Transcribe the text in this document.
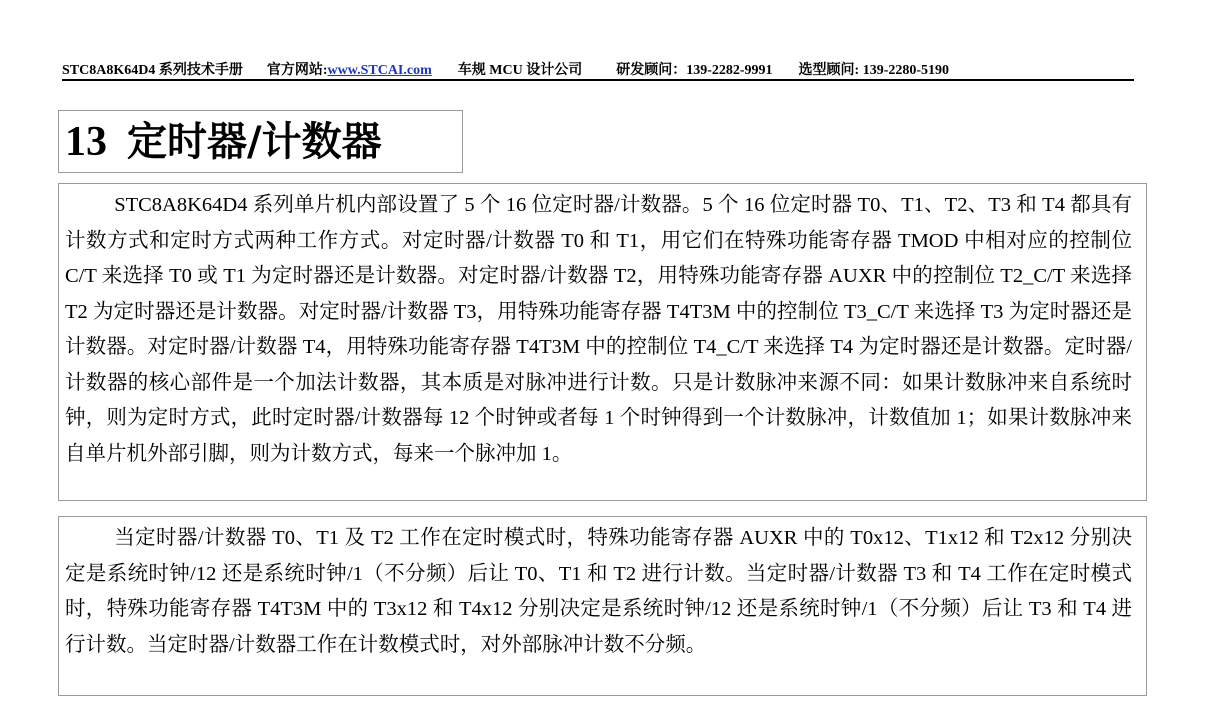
STC8A8K64D4 系列技术手册 官方网站: www.STCAI.com 车规 MCU 设计公司 研发顾问：139-2282-9991 选型顾问: 139-2280-5190
13 定时器/计数器

STC8A8K64D4 系列单片机内部设置了 5 个 16 位定时器/计数器。5 个 16 位定时器 T0、T1、T2、T3 和 T4 都具有计数方式和定时方式两种工作方式。对定时器/计数器 T0 和 T1，用它们在特殊功能寄存器 TMOD 中相对应的控制位 C/T 来选择 T0 或 T1 为定时器还是计数器。对定时器/计数器 T2，用特殊功能寄存器 AUXR 中的控制位 T2_C/T 来选择 T2 为定时器还是计数器。对定时器/计数器 T3，用特殊功能寄存器 T4T3M 中的控制位 T3_C/T 来选择 T3 为定时器还是计数器。对定时器/计数器 T4，用特殊功能寄存器 T4T3M 中的控制位 T4_C/T 来选择 T4 为定时器还是计数器。定时器/计数器的核心部件是一个加法计数器，其本质是对脉冲进行计数。只是计数脉冲来源不同：如果计数脉冲来自系统时钟，则为定时方式，此时定时器/计数器每 12 个时钟或者每 1 个时钟得到一个计数脉冲，计数值加 1；如果计数脉冲来自单片机外部引脚，则为计数方式，每来一个脉冲加 1。

当定时器/计数器 T0、T1 及 T2 工作在定时模式时，特殊功能寄存器 AUXR 中的 T0x12、T1x12 和 T2x12 分别决定是系统时钟/12 还是系统时钟/1（不分频）后让 T0、T1 和 T2 进行计数。当定时器/计数器 T3 和 T4 工作在定时模式时，特殊功能寄存器 T4T3M 中的 T3x12 和 T4x12 分别决定是系统时钟/12 还是系统时钟/1（不分频）后让 T3 和 T4 进行计数。当定时器/计数器工作在计数模式时，对外部脉冲计数不分频。
